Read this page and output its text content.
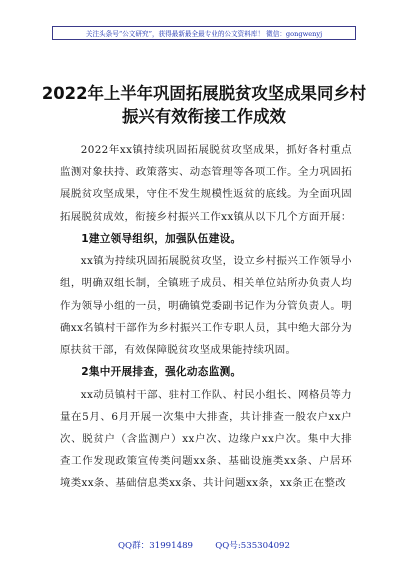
关注头条号“公文研究”，获得最新最全最专业的公文资料库！ 微信：gongwenyj
2022年上半年巩固拓展脱贫攻坚成果同乡村
振兴有效衔接工作成效

2022年xx镇持续巩固拓展脱贫攻坚成果，抓好各村重点监测对象扶持、政策落实、动态管理等各项工作。全力巩固拓展脱贫攻坚成果，守住不发生规模性返贫的底线。为全面巩固拓展脱贫成效，衔接乡村振兴工作xx镇从以下几个方面开展：

1建立领导组织，加强队伍建设。

xx镇为持续巩固拓展脱贫攻坚，设立乡村振兴工作领导小组，明确双组长制，全镇班子成员、相关单位站所办负责人均作为领导小组的一员，明确镇党委副书记作为分管负责人。明确xx名镇村干部作为乡村振兴工作专职人员，其中绝大部分为原扶贫干部，有效保障脱贫攻坚成果能持续巩固。

2集中开展排查，强化动态监测。

xx动员镇村干部、驻村工作队、村民小组长、网格员等力量在5月、6月开展一次集中大排查，共计排查一般农户xx户次、脱贫户（含监测户）xx户次、边缘户xx户次。集中大排查工作发现政策宣传类问题xx条、基础设施类xx条、户居环境类xx条、基础信息类xx条、共计问题xx条，xx条正在整改

QQ群：31991489	QQ号:535304092
